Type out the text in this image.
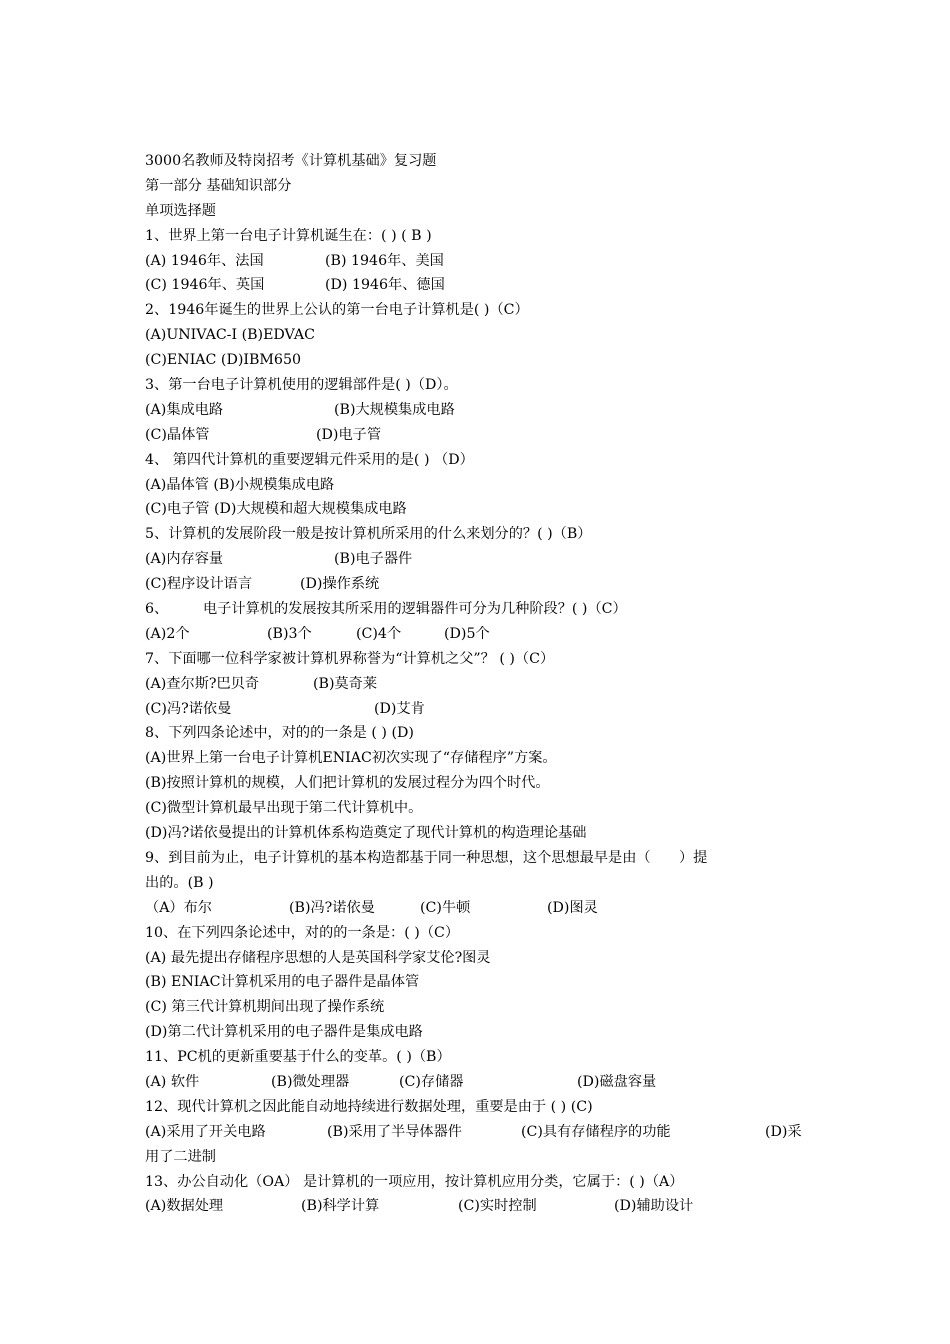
3000名教师及特岗招考《计算机基础》复习题
第一部分 基础知识部分
单项选择题
1、世界上第一台电子计算机诞生在：( ) ( B )
(A) 1946年、法国	(B) 1946年、美国
(C) 1946年、英国	(D) 1946年、德国
2、1946年诞生的世界上公认的第一台电子计算机是( )（C）
(A)UNIVAC-I (B)EDVAC
(C)ENIAC (D)IBM650
3、第一台电子计算机使用的逻辑部件是( )（D）。
(A)集成电路	(B)大规模集成电路
(C)晶体管	(D)电子管
4、 第四代计算机的重要逻辑元件采用的是( ) （D）
(A)晶体管 (B)小规模集成电路
(C)电子管 (D)大规模和超大规模集成电路
5、计算机的发展阶段一般是按计算机所采用的什么来划分的？( )（B）
(A)内存容量	(B)电子器件
(C)程序设计语言	(D)操作系统
6、	电子计算机的发展按其所采用的逻辑器件可分为几种阶段？( )（C）
(A)2个	(B)3个	(C)4个	(D)5个
7、下面哪一位科学家被计算机界称誉为“计算机之父”？ ( )（C）
(A)查尔斯?巴贝奇	(B)莫奇莱
(C)冯?诺依曼	(D)艾肯
8、下列四条论述中，对的的一条是 ( ) (D)
(A)世界上第一台电子计算机ENIAC初次实现了“存储程序”方案。
(B)按照计算机的规模，人们把计算机的发展过程分为四个时代。
(C)微型计算机最早出现于第二代计算机中。
(D)冯?诺依曼提出的计算机体系构造奠定了现代计算机的构造理论基础
9、到目前为止，电子计算机的基本构造都基于同一种思想，这个思想最早是由（　　）提
出的。(B )
（A）布尔	(B)冯?诺依曼	(C)牛顿	(D)图灵
10、在下列四条论述中，对的的一条是：( )（C）
(A) 最先提出存储程序思想的人是英国科学家艾伦?图灵
(B) ENIAC计算机采用的电子器件是晶体管
(C) 第三代计算机期间出现了操作系统
(D)第二代计算机采用的电子器件是集成电路
11、PC机的更新重要基于什么的变革。( )（B）
(A) 软件	(B)微处理器	(C)存储器	(D)磁盘容量
12、现代计算机之因此能自动地持续进行数据处理，重要是由于 ( ) (C)
(A)采用了开关电路	(B)采用了半导体器件	(C)具有存储程序的功能	(D)采
用了二进制
13、办公自动化（OA） 是计算机的一项应用，按计算机应用分类，它属于：( )（A）
(A)数据处理	(B)科学计算	(C)实时控制	(D)辅助设计
